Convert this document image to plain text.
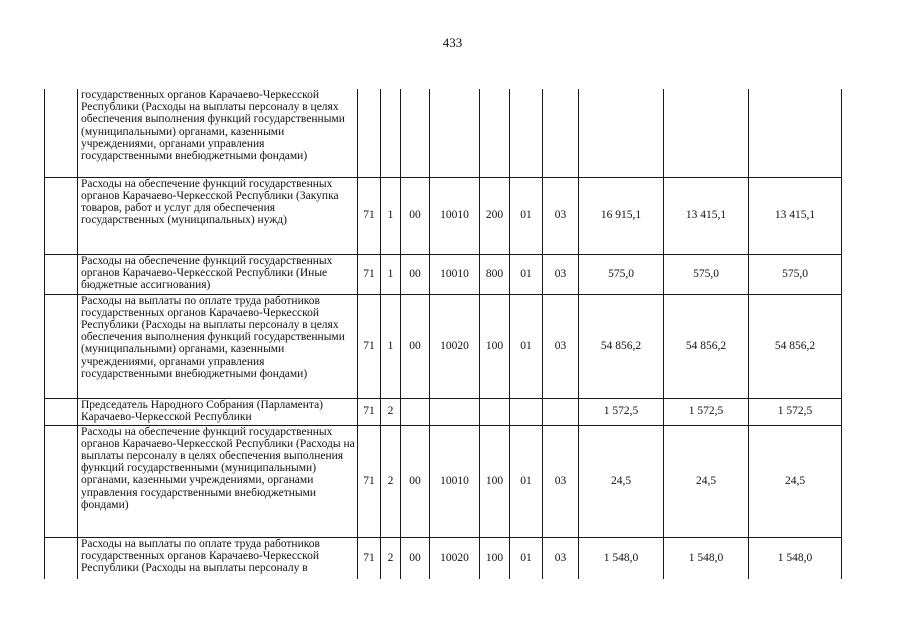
433
	государственных органов Карачаево-Черкесской Республики (Расходы на выплаты персоналу в целях обеспечения выполнения функций государственными (муниципальными) органами, казенными учреждениями, органами управления государственными внебюджетными фондами)										
	Расходы на обеспечение функций государственных органов Карачаево-Черкесской Республики (Закупка товаров, работ и услуг для обеспечения государственных (муниципальных) нужд)	71	1	00	10010	200	01	03	16 915,1	13 415,1	13 415,1
	Расходы на обеспечение функций государственных органов Карачаево-Черкесской Республики (Иные бюджетные ассигнования)	71	1	00	10010	800	01	03	575,0	575,0	575,0
	Расходы на выплаты по оплате труда работников государственных органов Карачаево-Черкесской Республики (Расходы на выплаты персоналу в целях обеспечения выполнения функций государственными (муниципальными) органами, казенными учреждениями, органами управления государственными внебюджетными фондами)	71	1	00	10020	100	01	03	54 856,2	54 856,2	54 856,2
	Председатель Народного Собрания (Парламента) Карачаево-Черкесской Республики	71	2						1 572,5	1 572,5	1 572,5
	Расходы на обеспечение функций государственных органов Карачаево-Черкесской Республики (Расходы на выплаты персоналу в целях обеспечения выполнения функций государственными (муниципальными) органами, казенными учреждениями, органами управления государственными внебюджетными фондами)	71	2	00	10010	100	01	03	24,5	24,5	24,5
	Расходы на выплаты по оплате труда работников государственных органов Карачаево-Черкесской Республики (Расходы на выплаты персоналу в	71	2	00	10020	100	01	03	1 548,0	1 548,0	1 548,0
